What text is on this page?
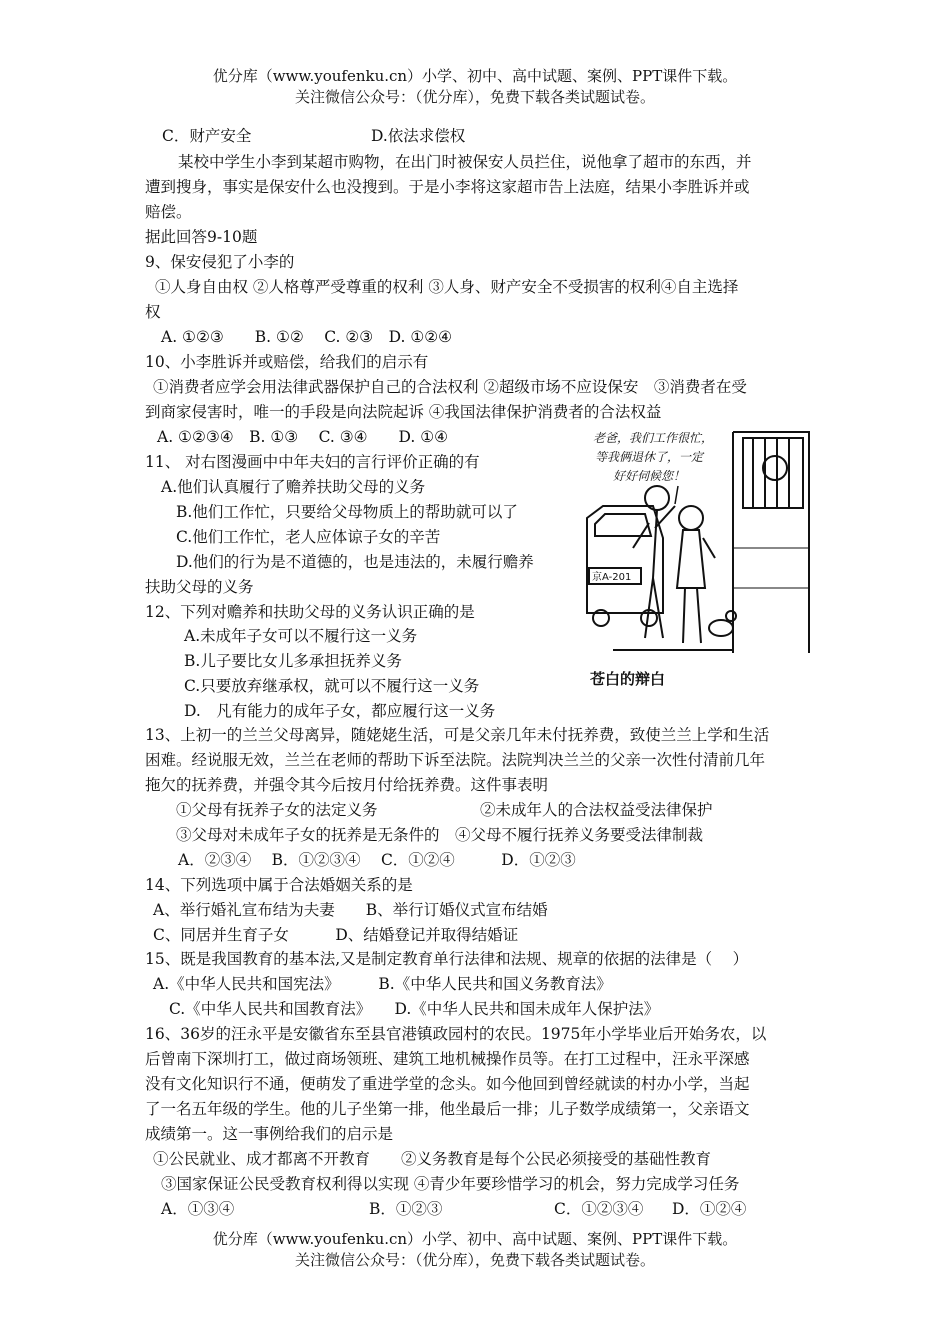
优分库（www.youfenku.cn）小学、初中、高中试题、案例、PPT课件下载。
关注微信公众号：（优分库），免费下载各类试题试卷。
C．财产安全	D.依法求偿权
某校中学生小李到某超市购物，在出门时被保安人员拦住，说他拿了超市的东西，并
遭到搜身，事实是保安什么也没搜到。于是小李将这家超市告上法庭，结果小李胜诉并或
赔偿。
据此回答9-10题
9、保安侵犯了小李的
①人身自由权 ②人格尊严受尊重的权利 ③人身、财产安全不受损害的权利④自主选择
权
A. ①②③　　B. ①②　 C. ②③　D. ①②④
10、小李胜诉并或赔偿，给我们的启示有
①消费者应学会用法律武器保护自己的合法权利 ②超级市场不应设保安　③消费者在受
到商家侵害时，唯一的手段是向法院起诉 ④我国法律保护消费者的合法权益
A. ①②③④　B. ①③　 C. ③④　　D. ①④
11、 对右图漫画中中年夫妇的言行评价正确的有
A.他们认真履行了赡养扶助父母的义务
B.他们工作忙，只要给父母物质上的帮助就可以了
C.他们工作忙，老人应体谅子女的辛苦
D.他们的行为是不道德的，也是违法的，未履行赡养
扶助父母的义务
12、下列对赡养和扶助父母的义务认识正确的是
A.未成年子女可以不履行这一义务
B.儿子要比女儿多承担抚养义务
C.只要放弃继承权，就可以不履行这一义务
D.　凡有能力的成年子女，都应履行这一义务
老爸，我们工作很忙，
等我俩退休了，一定
好好伺候您！
京A-201
苍白的辩白
13、上初一的兰兰父母离异，随姥姥生活，可是父亲几年未付抚养费，致使兰兰上学和生活
困难。经说服无效，兰兰在老师的帮助下诉至法院。法院判决兰兰的父亲一次性付清前几年
拖欠的抚养费，并强令其今后按月付给抚养费。这件事表明
①父母有抚养子女的法定义务	②未成年人的合法权益受法律保护
③父母对未成年子女的抚养是无条件的　④父母不履行抚养义务要受法律制裁
A．②③④　 B．①②③④　 C．①②④　　　D．①②③
14、下列选项中属于合法婚姻关系的是
A、举行婚礼宣布结为夫妻　　B、举行订婚仪式宣布结婚
C、同居并生育子女　　　D、结婚登记并取得结婚证
15、既是我国教育的基本法,又是制定教育单行法律和法规、规章的依据的法律是（　 ）
A.《中华人民共和国宪法》　　　B.《中华人民共和国义务教育法》
C.《中华人民共和国教育法》　　D.《中华人民共和国未成年人保护法》
16、36岁的汪永平是安徽省东至县官港镇政园村的农民。1975年小学毕业后开始务农，以
后曾南下深圳打工，做过商场领班、建筑工地机械操作员等。在打工过程中，汪永平深感
没有文化知识行不通，便萌发了重进学堂的念头。如今他回到曾经就读的村办小学，当起
了一名五年级的学生。他的儿子坐第一排，他坐最后一排；儿子数学成绩第一，父亲语文
成绩第一。这一事例给我们的启示是
①公民就业、成才都离不开教育　　②义务教育是每个公民必须接受的基础性教育
③国家保证公民受教育权利得以实现 ④青少年要珍惜学习的机会，努力完成学习任务
A．①③④	B．①②③	C．①②③④ D．①②④
优分库（www.youfenku.cn）小学、初中、高中试题、案例、PPT课件下载。
关注微信公众号：（优分库），免费下载各类试题试卷。
